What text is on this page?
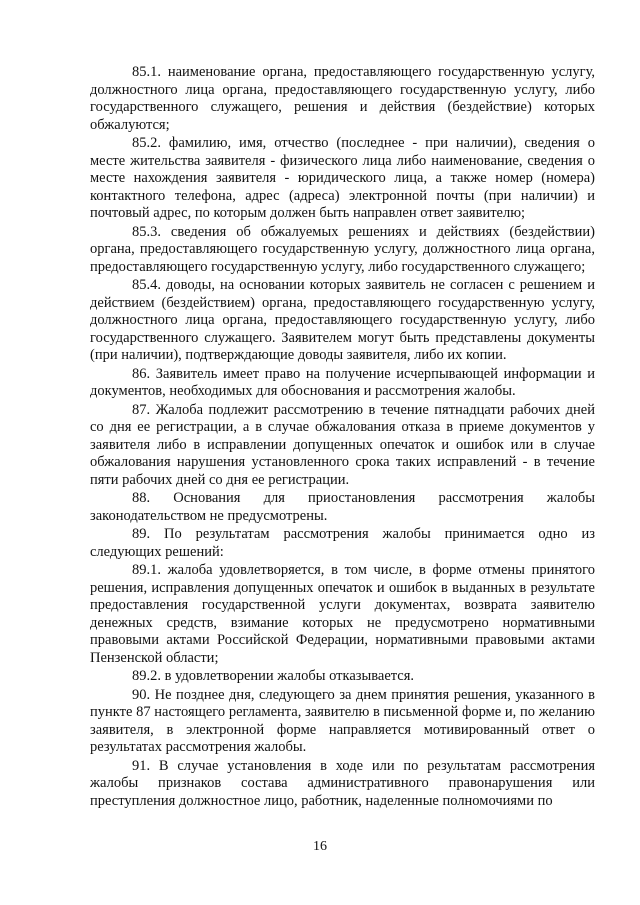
85.1. наименование органа, предоставляющего государственную услугу, должностного лица органа, предоставляющего государственную услугу, либо государственного служащего, решения и действия (бездействие) которых обжалуются;

85.2. фамилию, имя, отчество (последнее - при наличии), сведения о месте жительства заявителя - физического лица либо наименование, сведения о месте нахождения заявителя - юридического лица, а также номер (номера) контактного телефона, адрес (адреса) электронной почты (при наличии) и почтовый адрес, по которым должен быть направлен ответ заявителю;

85.3. сведения об обжалуемых решениях и действиях (бездействии) органа, предоставляющего государственную услугу, должностного лица органа, предоставляющего государственную услугу, либо государственного служащего;

85.4. доводы, на основании которых заявитель не согласен с решением и действием (бездействием) органа, предоставляющего государственную услугу, должностного лица органа, предоставляющего государственную услугу, либо государственного служащего. Заявителем могут быть представлены документы (при наличии), подтверждающие доводы заявителя, либо их копии.

86. Заявитель имеет право на получение исчерпывающей информации и документов, необходимых для обоснования и рассмотрения жалобы.

87. Жалоба подлежит рассмотрению в течение пятнадцати рабочих дней со дня ее регистрации, а в случае обжалования отказа в приеме документов у заявителя либо в исправлении допущенных опечаток и ошибок или в случае обжалования нарушения установленного срока таких исправлений - в течение пяти рабочих дней со дня ее регистрации.

88. Основания для приостановления рассмотрения жалобы законодательством не предусмотрены.

89. По результатам рассмотрения жалобы принимается одно из следующих решений:

89.1. жалоба удовлетворяется, в том числе, в форме отмены принятого решения, исправления допущенных опечаток и ошибок в выданных в результате предоставления государственной услуги документах, возврата заявителю денежных средств, взимание которых не предусмотрено нормативными правовыми актами Российской Федерации, нормативными правовыми актами Пензенской области;

89.2. в удовлетворении жалобы отказывается.

90. Не позднее дня, следующего за днем принятия решения, указанного в пункте 87 настоящего регламента, заявителю в письменной форме и, по желанию заявителя, в электронной форме направляется мотивированный ответ о результатах рассмотрения жалобы.

91. В случае установления в ходе или по результатам рассмотрения жалобы признаков состава административного правонарушения или преступления должностное лицо, работник, наделенные полномочиями по

16
